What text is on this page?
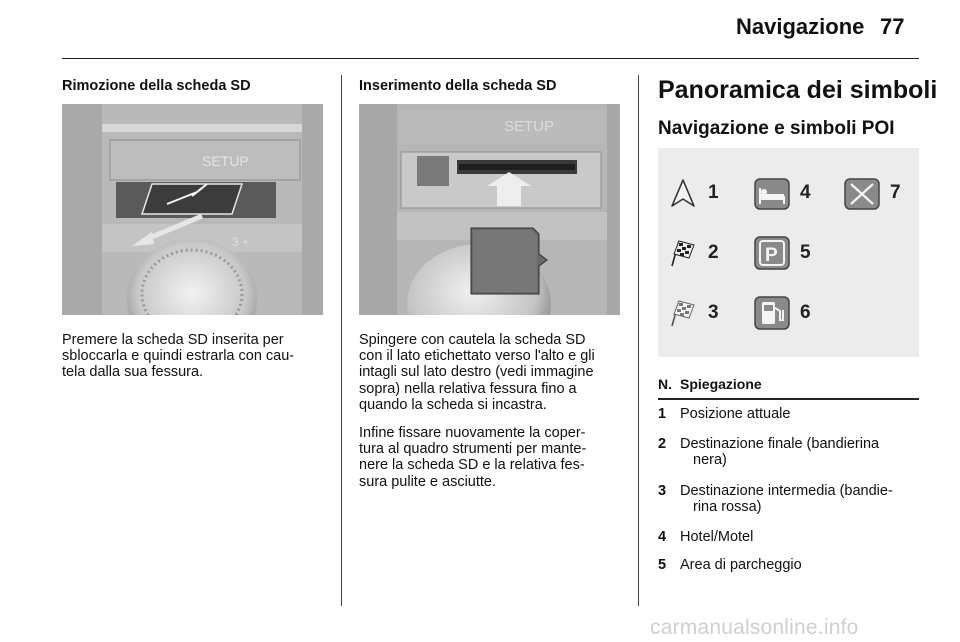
Navigazione 77
Rimozione della scheda SD
SETUP
3 +
Premere la scheda SD inserita per
sbloccarla e quindi estrarla con cau-
tela dalla sua fessura.
Inserimento della scheda SD
SETUP
Spingere con cautela la scheda SD
con il lato etichettato verso l'alto e gli
intagli sul lato destro (vedi immagine
sopra) nella relativa fessura fino a
quando la scheda si incastra.
Infine fissare nuovamente la coper-
tura al quadro strumenti per mante-
nere la scheda SD e la relativa fes-
sura pulite e asciutte.
Panoramica dei simboli
Navigazione e simboli POI
1
2
3
4
P 5
6
7
N. Spiegazione
1 Posizione attuale
2 Destinazione finale (bandierina
nera)
3 Destinazione intermedia (bandie-
rina rossa)
4 Hotel/Motel
5 Area di parcheggio
carmanualsonline.info
